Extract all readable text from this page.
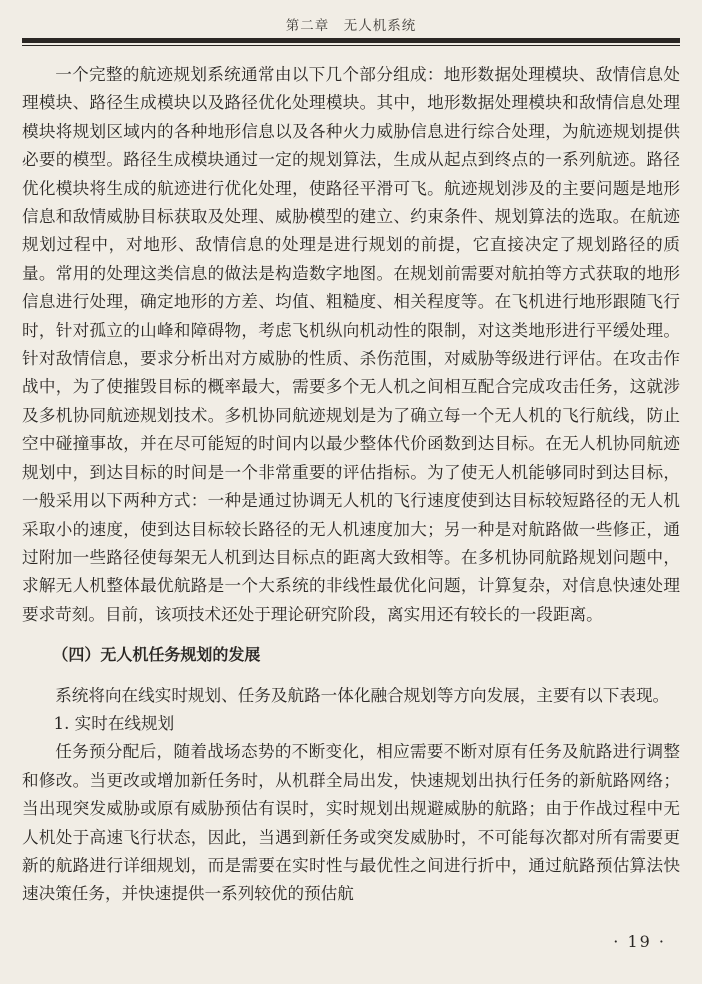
第二章　无人机系统

一个完整的航迹规划系统通常由以下几个部分组成：地形数据处理模块、敌情信息处理模块、路径生成模块以及路径优化处理模块。其中，地形数据处理模块和敌情信息处理模块将规划区域内的各种地形信息以及各种火力威胁信息进行综合处理，为航迹规划提供必要的模型。路径生成模块通过一定的规划算法，生成从起点到终点的一系列航迹。路径优化模块将生成的航迹进行优化处理，使路径平滑可飞。航迹规划涉及的主要问题是地形信息和敌情威胁目标获取及处理、威胁模型的建立、约束条件、规划算法的选取。在航迹规划过程中，对地形、敌情信息的处理是进行规划的前提，它直接决定了规划路径的质量。常用的处理这类信息的做法是构造数字地图。在规划前需要对航拍等方式获取的地形信息进行处理，确定地形的方差、均值、粗糙度、相关程度等。在飞机进行地形跟随飞行时，针对孤立的山峰和障碍物，考虑飞机纵向机动性的限制，对这类地形进行平缓处理。针对敌情信息，要求分析出对方威胁的性质、杀伤范围，对威胁等级进行评估。在攻击作战中，为了使摧毁目标的概率最大，需要多个无人机之间相互配合完成攻击任务，这就涉及多机协同航迹规划技术。多机协同航迹规划是为了确立每一个无人机的飞行航线，防止空中碰撞事故，并在尽可能短的时间内以最少整体代价函数到达目标。在无人机协同航迹规划中，到达目标的时间是一个非常重要的评估指标。为了使无人机能够同时到达目标，一般采用以下两种方式：一种是通过协调无人机的飞行速度使到达目标较短路径的无人机采取小的速度，使到达目标较长路径的无人机速度加大；另一种是对航路做一些修正，通过附加一些路径使每架无人机到达目标点的距离大致相等。在多机协同航路规划问题中，求解无人机整体最优航路是一个大系统的非线性最优化问题，计算复杂，对信息快速处理要求苛刻。目前，该项技术还处于理论研究阶段，离实用还有较长的一段距离。

（四）无人机任务规划的发展

系统将向在线实时规划、任务及航路一体化融合规划等方向发展，主要有以下表现。

1. 实时在线规划

任务预分配后，随着战场态势的不断变化，相应需要不断对原有任务及航路进行调整和修改。当更改或增加新任务时，从机群全局出发，快速规划出执行任务的新航路网络；当出现突发威胁或原有威胁预估有误时，实时规划出规避威胁的航路；由于作战过程中无人机处于高速飞行状态，因此，当遇到新任务或突发威胁时，不可能每次都对所有需要更新的航路进行详细规划，而是需要在实时性与最优性之间进行折中，通过航路预估算法快速决策任务，并快速提供一系列较优的预估航

· 19 ·
